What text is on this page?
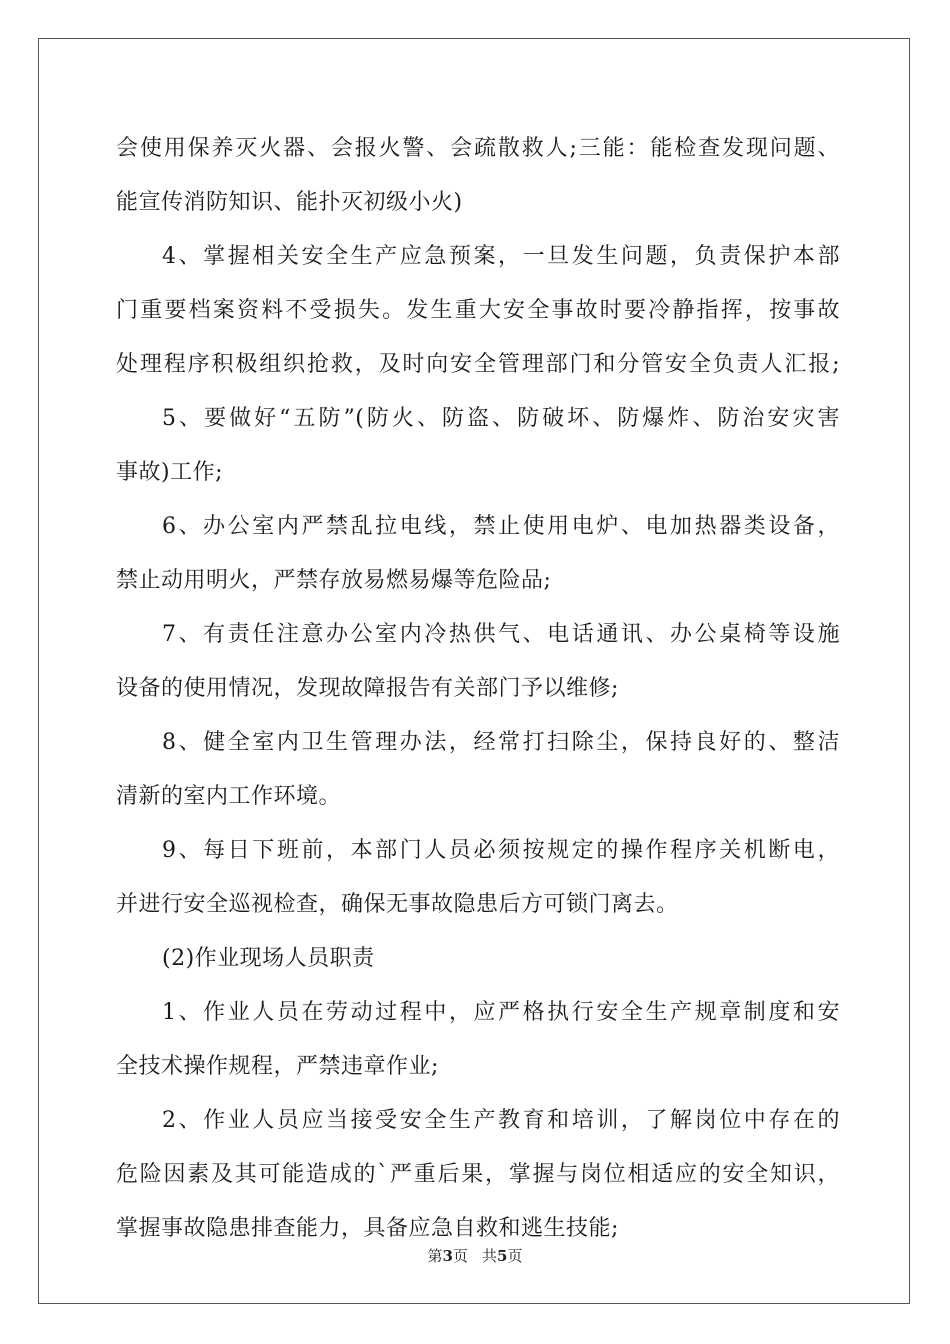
会使用保养灭火器、会报火警、会疏散救人;三能：能检查发现问题、
能宣传消防知识、能扑灭初级小火)
4、掌握相关安全生产应急预案，一旦发生问题，负责保护本部
门重要档案资料不受损失。发生重大安全事故时要冷静指挥，按事故
处理程序积极组织抢救，及时向安全管理部门和分管安全负责人汇报;
5、要做好“五防”(防火、防盗、防破坏、防爆炸、防治安灾害
事故)工作;
6、办公室内严禁乱拉电线，禁止使用电炉、电加热器类设备，
禁止动用明火，严禁存放易燃易爆等危险品;
7、有责任注意办公室内冷热供气、电话通讯、办公桌椅等设施
设备的使用情况，发现故障报告有关部门予以维修;
8、健全室内卫生管理办法，经常打扫除尘，保持良好的、整洁
清新的室内工作环境。
9、每日下班前，本部门人员必须按规定的操作程序关机断电，
并进行安全巡视检查，确保无事故隐患后方可锁门离去。
(2)作业现场人员职责
1、作业人员在劳动过程中，应严格执行安全生产规章制度和安
全技术操作规程，严禁违章作业;
2、作业人员应当接受安全生产教育和培训，了解岗位中存在的
危险因素及其可能造成的`严重后果，掌握与岗位相适应的安全知识，
掌握事故隐患排查能力，具备应急自救和逃生技能;
第3页 共5页
